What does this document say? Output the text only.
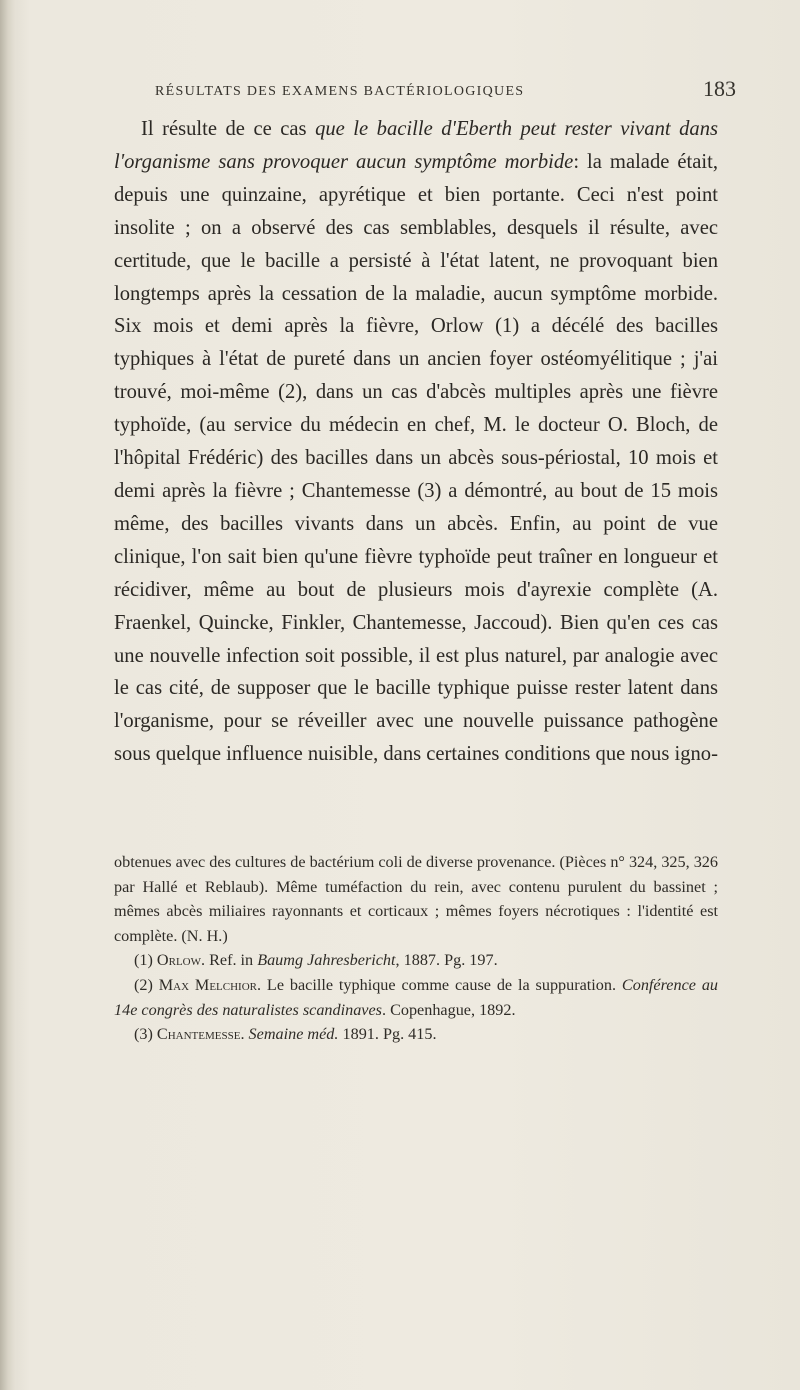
RÉSULTATS DES EXAMENS BACTÉRIOLOGIQUES	183

Il résulte de ce cas que le bacille d'Eberth peut rester vivant dans l'organisme sans provoquer aucun symptôme morbide: la malade était, depuis une quinzaine, apyrétique et bien portante. Ceci n'est point insolite ; on a observé des cas semblables, desquels il résulte, avec certitude, que le bacille a persisté à l'état latent, ne provoquant bien longtemps après la cessation de la maladie, aucun symptôme morbide. Six mois et demi après la fièvre, Orlow (1) a décélé des bacilles typhiques à l'état de pureté dans un ancien foyer ostéomyélitique ; j'ai trouvé, moi-même (2), dans un cas d'abcès multiples après une fièvre typhoïde, (au service du médecin en chef, M. le docteur O. Bloch, de l'hôpital Frédéric) des bacilles dans un abcès sous-périostal, 10 mois et demi après la fièvre ; Chantemesse (3) a démontré, au bout de 15 mois même, des bacilles vivants dans un abcès. Enfin, au point de vue clinique, l'on sait bien qu'une fièvre typhoïde peut traîner en longueur et récidiver, même au bout de plusieurs mois d'ayrexie complète (A. Fraenkel, Quincke, Finkler, Chantemesse, Jaccoud). Bien qu'en ces cas une nouvelle infection soit possible, il est plus naturel, par analogie avec le cas cité, de supposer que le bacille typhique puisse rester latent dans l'organisme, pour se réveiller avec une nouvelle puissance pathogène sous quelque influence nuisible, dans certaines conditions que nous igno-

obtenues avec des cultures de bactérium coli de diverse provenance. (Pièces n° 324, 325, 326 par Hallé et Reblaub). Même tuméfaction du rein, avec contenu purulent du bassinet ; mêmes abcès miliaires rayonnants et corticaux ; mêmes foyers nécrotiques : l'identité est complète. (N. H.)

(1) Orlow. Ref. in Baumg Jahresbericht, 1887. Pg. 197.

(2) Max Melchior. Le bacille typhique comme cause de la suppuration. Conférence au 14e congrès des naturalistes scandinaves. Copenhague, 1892.

(3) Chantemesse. Semaine méd. 1891. Pg. 415.
